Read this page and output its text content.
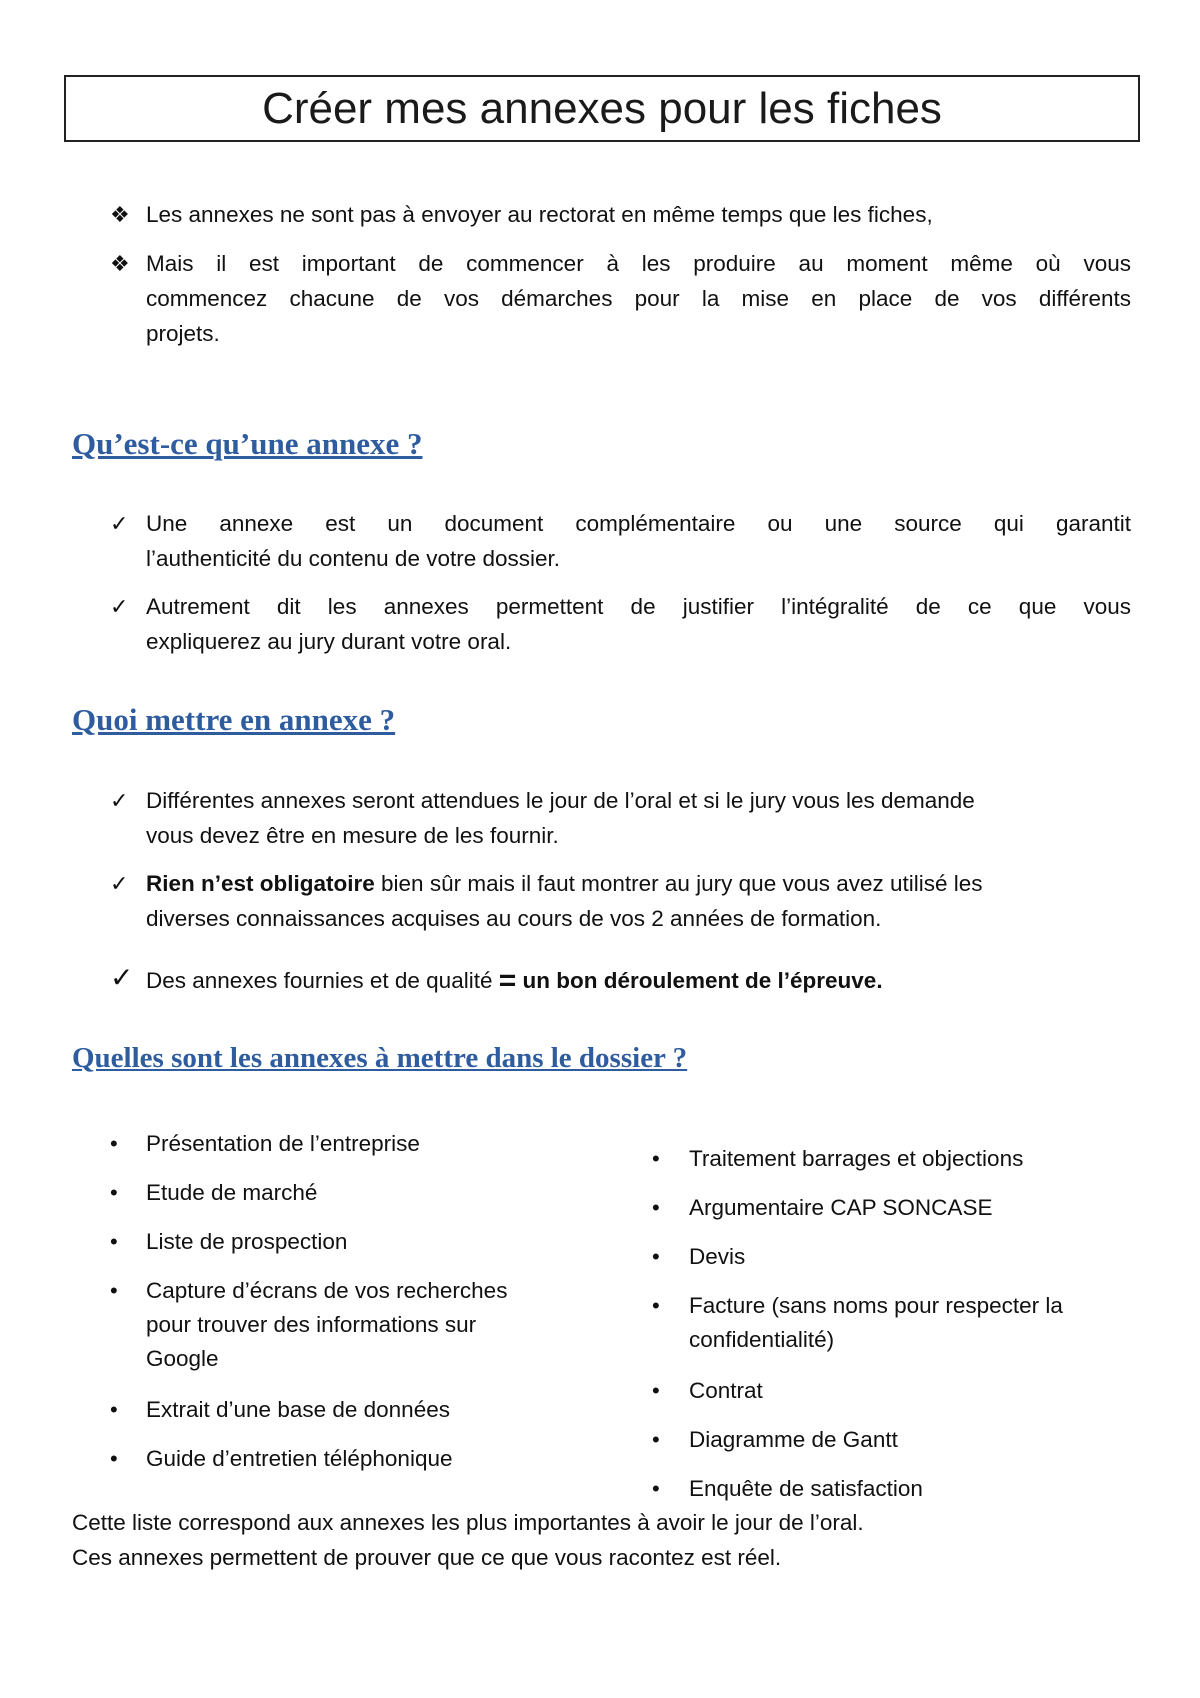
Créer mes annexes pour les fiches
❖ Les annexes ne sont pas à envoyer au rectorat en même temps que les fiches,
❖ Mais il est important de commencer à les produire au moment même où vous
commencez chacune de vos démarches pour la mise en place de vos différents
projets.
Qu’est-ce qu’une annexe ?
✓ Une annexe est un document complémentaire ou une source qui garantit
l’authenticité du contenu de votre dossier.
✓ Autrement dit les annexes permettent de justifier l’intégralité de ce que vous
expliquerez au jury durant votre oral.
Quoi mettre en annexe ?
✓ Différentes annexes seront attendues le jour de l’oral et si le jury vous les demande
vous devez être en mesure de les fournir.
✓ Rien n’est obligatoire bien sûr mais il faut montrer au jury que vous avez utilisé les
diverses connaissances acquises au cours de vos 2 années de formation.
✓ Des annexes fournies et de qualité = un bon déroulement de l’épreuve.
Quelles sont les annexes à mettre dans le dossier ?
• Présentation de l’entreprise
• Etude de marché
• Liste de prospection
• Capture d’écrans de vos recherches
pour trouver des informations sur
Google
• Extrait d’une base de données
• Guide d’entretien téléphonique
• Traitement barrages et objections
• Argumentaire CAP SONCASE
• Devis
• Facture (sans noms pour respecter la
confidentialité)
• Contrat
• Diagramme de Gantt
• Enquête de satisfaction
Cette liste correspond aux annexes les plus importantes à avoir le jour de l’oral.
Ces annexes permettent de prouver que ce que vous racontez est réel.
